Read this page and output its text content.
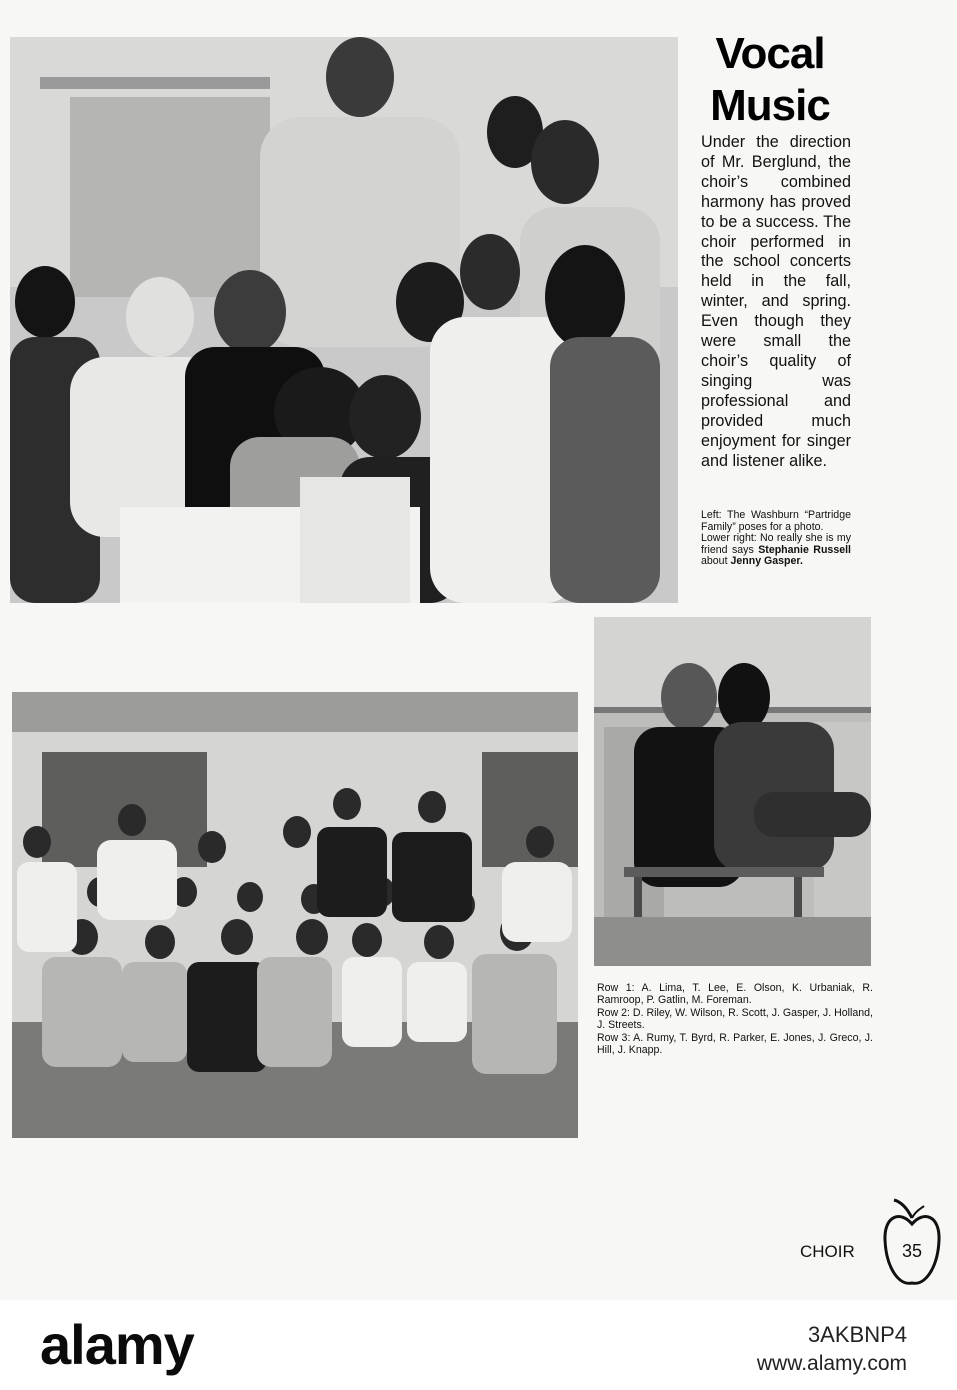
Vocal
Music

Under the direction of Mr. Berglund, the choir’s combined harmony has proved to be a success. The choir performed in the school concerts held in the fall, winter, and spring. Even though they were small the choir’s quality of singing was professional and provided much enjoyment for singer and listener alike.

Left: The Washburn “Partridge Family” poses for a photo.

Lower right: No really she is my friend says Stephanie Russell about Jenny Gasper.

Row 1: A. Lima, T. Lee, E. Olson, K. Urbaniak, R. Ramroop, P. Gatlin, M. Foreman.

Row 2: D. Riley, W. Wilson, R. Scott, J. Gasper, J. Holland, J. Streets.

Row 3: A. Rumy, T. Byrd, R. Parker, E. Jones, J. Greco, J. Hill, J. Knapp.

CHOIR	35
alamy	3AKBNP4
www.alamy.com
